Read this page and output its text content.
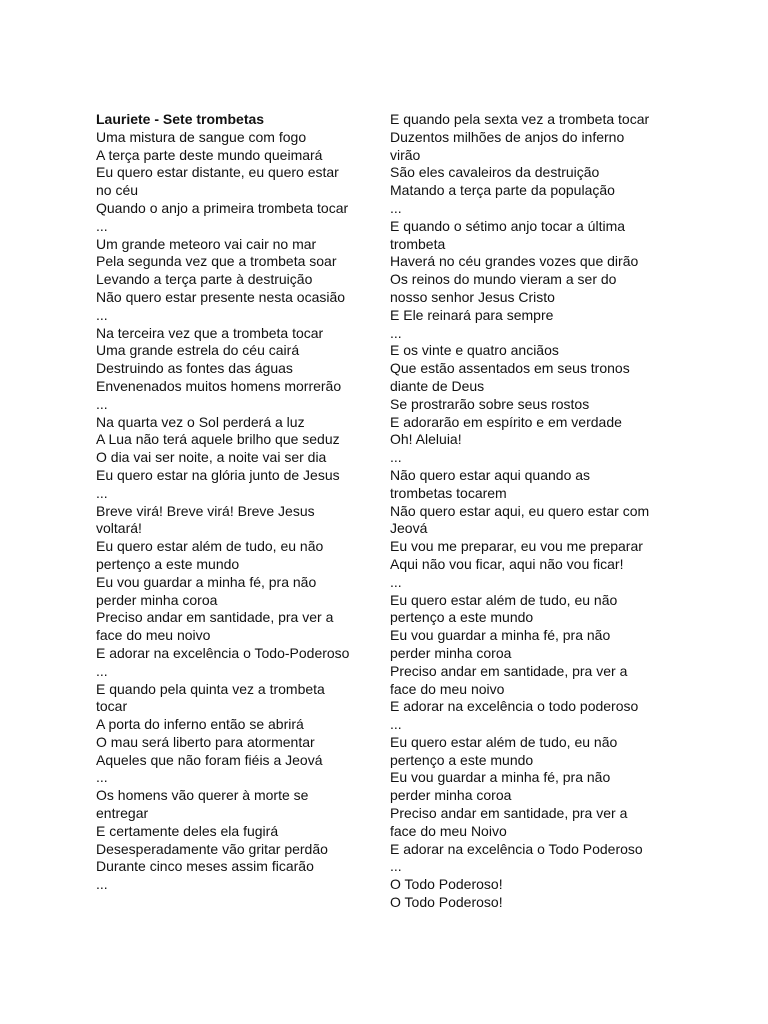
Lauriete - Sete trombetas
Uma mistura de sangue com fogo
A terça parte deste mundo queimará
Eu quero estar distante, eu quero estar
no céu
Quando o anjo a primeira trombeta tocar
...
Um grande meteoro vai cair no mar
Pela segunda vez que a trombeta soar
Levando a terça parte à destruição
Não quero estar presente nesta ocasião
...
Na terceira vez que a trombeta tocar
Uma grande estrela do céu cairá
Destruindo as fontes das águas
Envenenados muitos homens morrerão
...
Na quarta vez o Sol perderá a luz
A Lua não terá aquele brilho que seduz
O dia vai ser noite, a noite vai ser dia
Eu quero estar na glória junto de Jesus
...
Breve virá! Breve virá! Breve Jesus
voltará!
Eu quero estar além de tudo, eu não
pertenço a este mundo
Eu vou guardar a minha fé, pra não
perder minha coroa
Preciso andar em santidade, pra ver a
face do meu noivo
E adorar na excelência o Todo-Poderoso
...
E quando pela quinta vez a trombeta
tocar
A porta do inferno então se abrirá
O mau será liberto para atormentar
Aqueles que não foram fiéis a Jeová
...
Os homens vão querer à morte se
entregar
E certamente deles ela fugirá
Desesperadamente vão gritar perdão
Durante cinco meses assim ficarão
...
E quando pela sexta vez a trombeta tocar
Duzentos milhões de anjos do inferno
virão
São eles cavaleiros da destruição
Matando a terça parte da população
...
E quando o sétimo anjo tocar a última
trombeta
Haverá no céu grandes vozes que dirão
Os reinos do mundo vieram a ser do
nosso senhor Jesus Cristo
E Ele reinará para sempre
...
E os vinte e quatro anciãos
Que estão assentados em seus tronos
diante de Deus
Se prostrarão sobre seus rostos
E adorarão em espírito e em verdade
Oh! Aleluia!
...
Não quero estar aqui quando as
trombetas tocarem
Não quero estar aqui, eu quero estar com
Jeová
Eu vou me preparar, eu vou me preparar
Aqui não vou ficar, aqui não vou ficar!
...
Eu quero estar além de tudo, eu não
pertenço a este mundo
Eu vou guardar a minha fé, pra não
perder minha coroa
Preciso andar em santidade, pra ver a
face do meu noivo
E adorar na excelência o todo poderoso
...
Eu quero estar além de tudo, eu não
pertenço a este mundo
Eu vou guardar a minha fé, pra não
perder minha coroa
Preciso andar em santidade, pra ver a
face do meu Noivo
E adorar na excelência o Todo Poderoso
...
O Todo Poderoso!
O Todo Poderoso!
